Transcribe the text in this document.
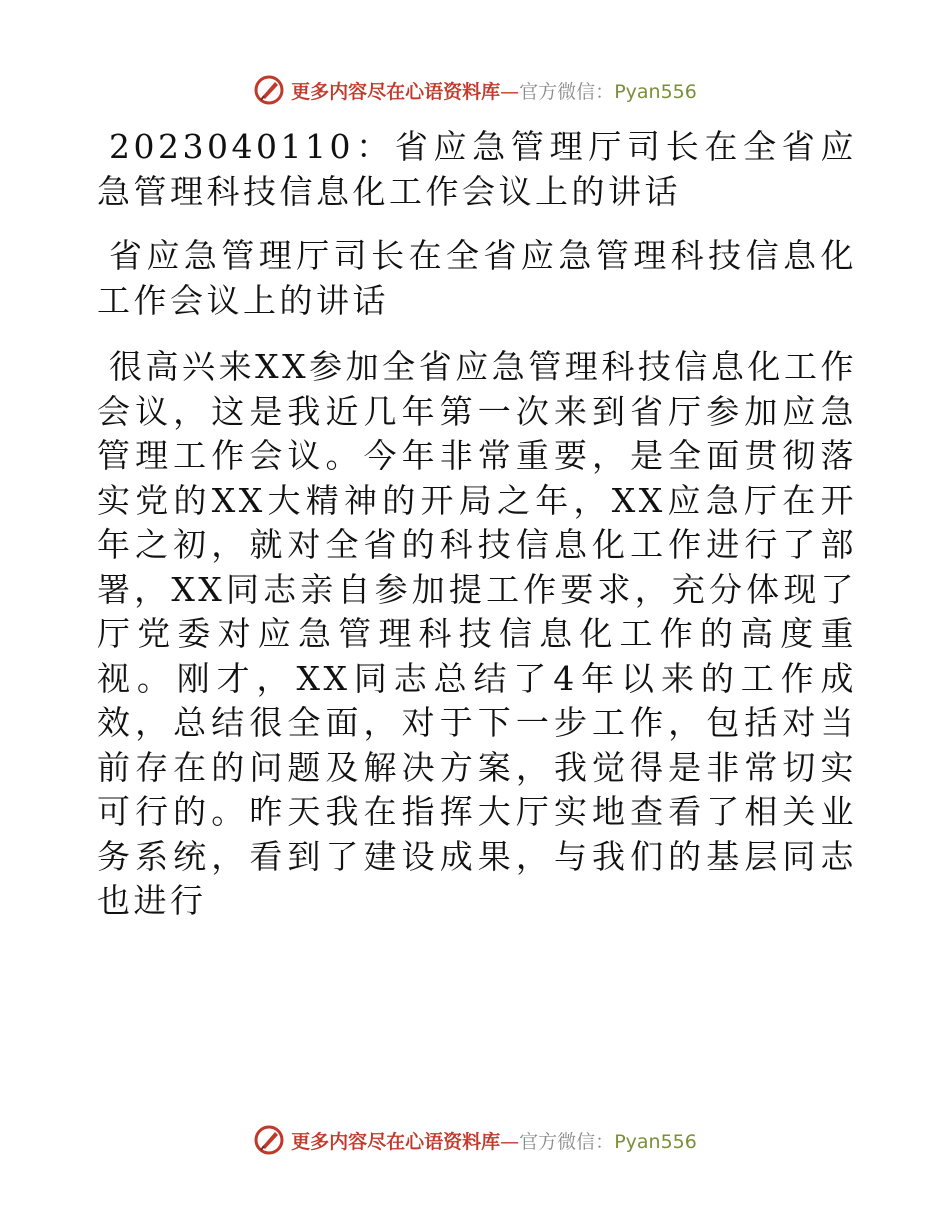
更多内容尽在心语资料库—官方微信：Pyan556

2023040110：省应急管理厅司长在全省应急管理科技信息化工作会议上的讲话

省应急管理厅司长在全省应急管理科技信息化工作会议上的讲话

很高兴来XX参加全省应急管理科技信息化工作会议，这是我近几年第一次来到省厅参加应急管理工作会议。今年非常重要，是全面贯彻落实党的XX大精神的开局之年，XX应急厅在开年之初，就对全省的科技信息化工作进行了部署，XX同志亲自参加提工作要求，充分体现了厅党委对应急管理科技信息化工作的高度重视。刚才，XX同志总结了4年以来的工作成效，总结很全面，对于下一步工作，包括对当前存在的问题及解决方案，我觉得是非常切实可行的。昨天我在指挥大厅实地查看了相关业务系统，看到了建设成果，与我们的基层同志也进行

更多内容尽在心语资料库—官方微信：Pyan556
